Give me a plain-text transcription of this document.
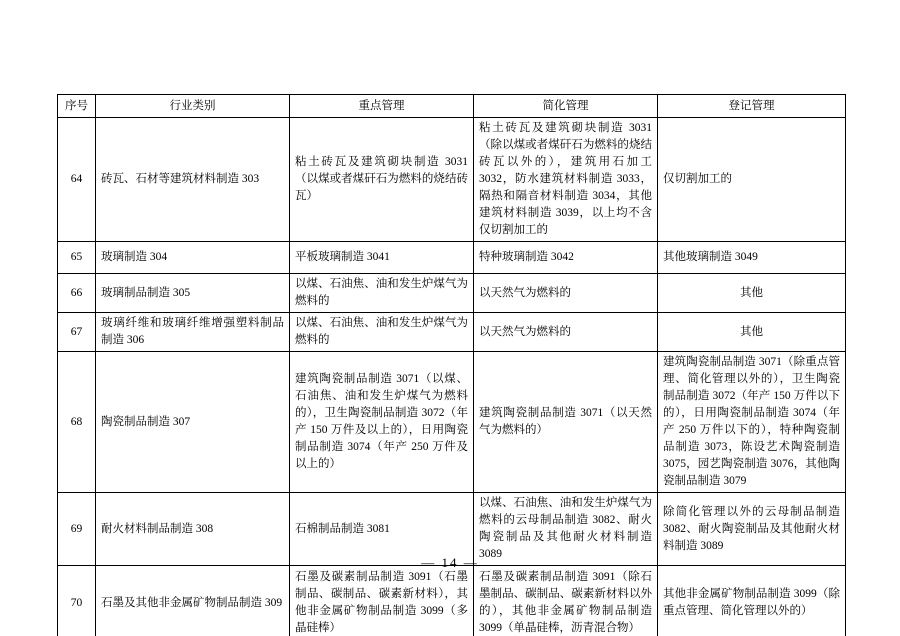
序号	行业类别	重点管理	简化管理	登记管理
64	砖瓦、石材等建筑材料制造 303	粘土砖瓦及建筑砌块制造 3031（以煤或者煤矸石为燃料的烧结砖瓦）	粘土砖瓦及建筑砌块制造 3031（除以煤或者煤矸石为燃料的烧结砖瓦以外的），建筑用石加工 3032，防水建筑材料制造 3033，隔热和隔音材料制造 3034，其他建筑材料制造 3039，以上均不含仅切割加工的	仅切割加工的
65	玻璃制造 304	平板玻璃制造 3041	特种玻璃制造 3042	其他玻璃制造 3049
66	玻璃制品制造 305	以煤、石油焦、油和发生炉煤气为燃料的	以天然气为燃料的	其他
67	玻璃纤维和玻璃纤维增强塑料制品制造 306	以煤、石油焦、油和发生炉煤气为燃料的	以天然气为燃料的	其他
68	陶瓷制品制造 307	建筑陶瓷制品制造 3071（以煤、石油焦、油和发生炉煤气为燃料的），卫生陶瓷制品制造 3072（年产 150 万件及以上的），日用陶瓷制品制造 3074（年产 250 万件及以上的）	建筑陶瓷制品制造 3071（以天然气为燃料的）	建筑陶瓷制品制造 3071（除重点管理、简化管理以外的），卫生陶瓷制品制造 3072（年产 150 万件以下的），日用陶瓷制品制造 3074（年产 250 万件以下的），特种陶瓷制品制造 3073，陈设艺术陶瓷制造 3075，园艺陶瓷制造 3076，其他陶瓷制品制造 3079
69	耐火材料制品制造 308	石棉制品制造 3081	以煤、石油焦、油和发生炉煤气为燃料的云母制品制造 3082、耐火陶瓷制品及其他耐火材料制造 3089	除简化管理以外的云母制品制造 3082、耐火陶瓷制品及其他耐火材料制造 3089
70	石墨及其他非金属矿物制品制造 309	石墨及碳素制品制造 3091（石墨制品、碳制品、碳素新材料），其他非金属矿物制品制造 3099（多晶硅棒）	石墨及碳素制品制造 3091（除石墨制品、碳制品、碳素新材料以外的），其他非金属矿物制品制造 3099（单晶硅棒，沥青混合物）	其他非金属矿物制品制造 3099（除重点管理、简化管理以外的）
— 14 —
